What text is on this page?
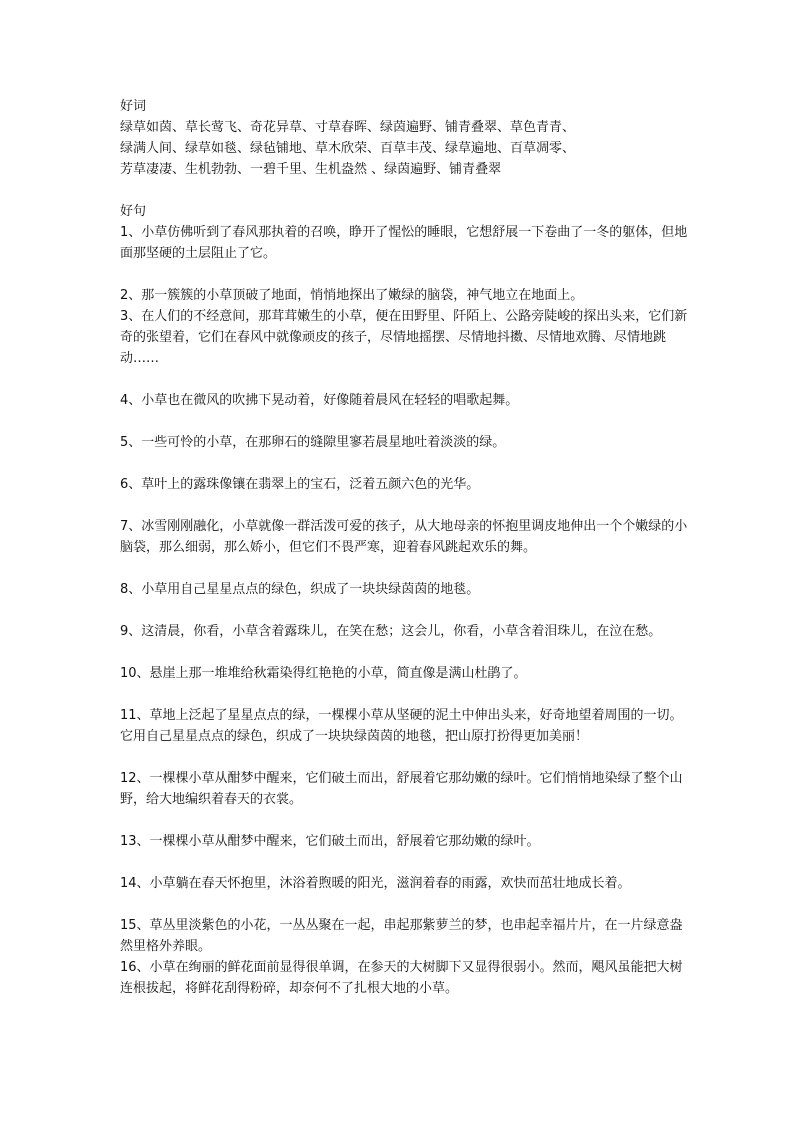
好词
绿草如茵、草长莺飞、奇花异草、寸草春晖、绿茵遍野、铺青叠翠、草色青青、
绿满人间、绿草如毯、绿毡铺地、草木欣荣、百草丰茂、绿草遍地、百草凋零、
芳草凄凄、生机勃勃、一碧千里、生机盎然 、绿茵遍野、铺青叠翠
好句

1、小草仿佛听到了春风那执着的召唤，睁开了惺忪的睡眼，它想舒展一下卷曲了一冬的躯体，但地面那坚硬的土层阻止了它。

2、那一簇簇的小草顶破了地面，悄悄地探出了嫩绿的脑袋，神气地立在地面上。

3、在人们的不经意间，那茸茸嫩生的小草，便在田野里、阡陌上、公路旁陡峻的探出头来，它们新奇的张望着，它们在春风中就像顽皮的孩子，尽情地摇摆、尽情地抖擞、尽情地欢腾、尽情地跳动……

4、小草也在微风的吹拂下晃动着，好像随着晨风在轻轻的唱歌起舞。

5、一些可怜的小草，在那卵石的缝隙里寥若晨星地吐着淡淡的绿。

6、草叶上的露珠像镶在翡翠上的宝石，泛着五颜六色的光华。

7、冰雪刚刚融化，小草就像一群活泼可爱的孩子，从大地母亲的怀抱里调皮地伸出一个个嫩绿的小脑袋，那么细弱，那么娇小，但它们不畏严寒，迎着春风跳起欢乐的舞。

8、小草用自己星星点点的绿色，织成了一块块绿茵茵的地毯。

9、这清晨，你看，小草含着露珠儿，在笑在愁；这会儿，你看，小草含着泪珠儿，在泣在愁。

10、悬崖上那一堆堆给秋霜染得红艳艳的小草，简直像是满山杜鹃了。

11、草地上泛起了星星点点的绿，一棵棵小草从坚硬的泥土中伸出头来，好奇地望着周围的一切。它用自己星星点点的绿色，织成了一块块绿茵茵的地毯，把山原打扮得更加美丽！

12、一棵棵小草从酣梦中醒来，它们破土而出，舒展着它那幼嫩的绿叶。它们悄悄地染绿了整个山野，给大地编织着春天的衣裳。

13、一棵棵小草从酣梦中醒来，它们破土而出，舒展着它那幼嫩的绿叶。

14、小草躺在春天怀抱里，沐浴着煦暖的阳光，滋润着春的雨露，欢快而茁壮地成长着。

15、草丛里淡紫色的小花，一丛丛聚在一起，串起那紫萝兰的梦，也串起幸福片片，在一片绿意盎然里格外养眼。

16、小草在绚丽的鲜花面前显得很单调，在参天的大树脚下又显得很弱小。然而，飓风虽能把大树连根拔起，将鲜花刮得粉碎，却奈何不了扎根大地的小草。
